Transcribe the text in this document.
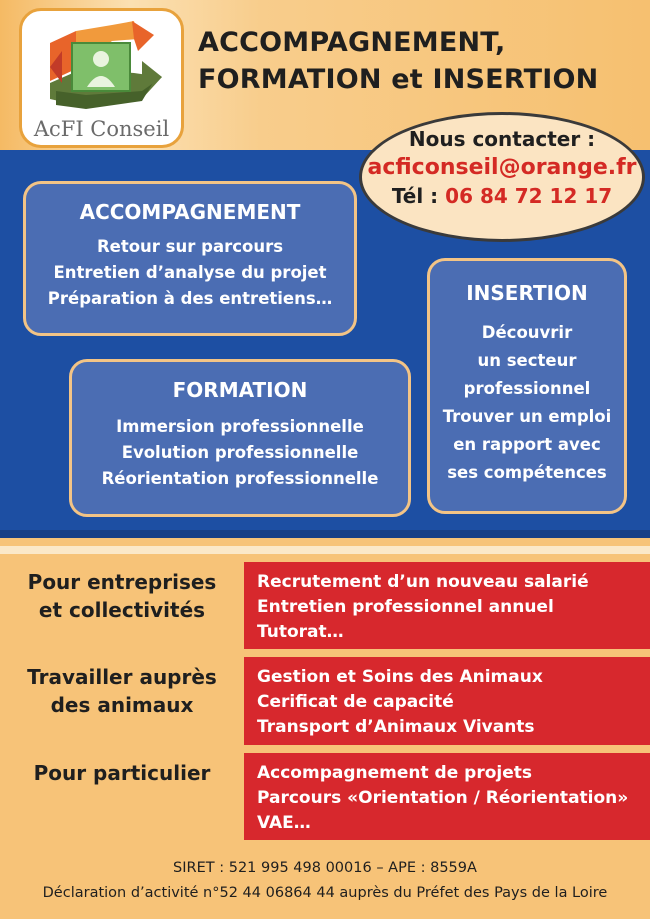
AcFI Conseil
ACCOMPAGNEMENT,
FORMATION et INSERTION
Nous contacter :
acficonseil@orange.fr
Tél : 06 84 72 12 17
ACCOMPAGNEMENT
Retour sur parcours
Entretien d’analyse du projet
Préparation à des entretiens…
FORMATION
Immersion professionnelle
Evolution professionnelle
Réorientation professionnelle
INSERTION
Découvrir
un secteur
professionnel
Trouver un emploi
en rapport avec
ses compétences
Pour entreprises
et collectivités
Recrutement d’un nouveau salarié
Entretien professionnel annuel
Tutorat…
Travailler auprès
des animaux
Gestion et Soins des Animaux
Cerificat de capacité
Transport d’Animaux Vivants
Pour particulier	Accompagnement de projets
Parcours «Orientation / Réorientation»
VAE…
SIRET : 521 995 498 00016 – APE : 8559A
Déclaration d’activité n°52 44 06864 44 auprès du Préfet des Pays de la Loire
